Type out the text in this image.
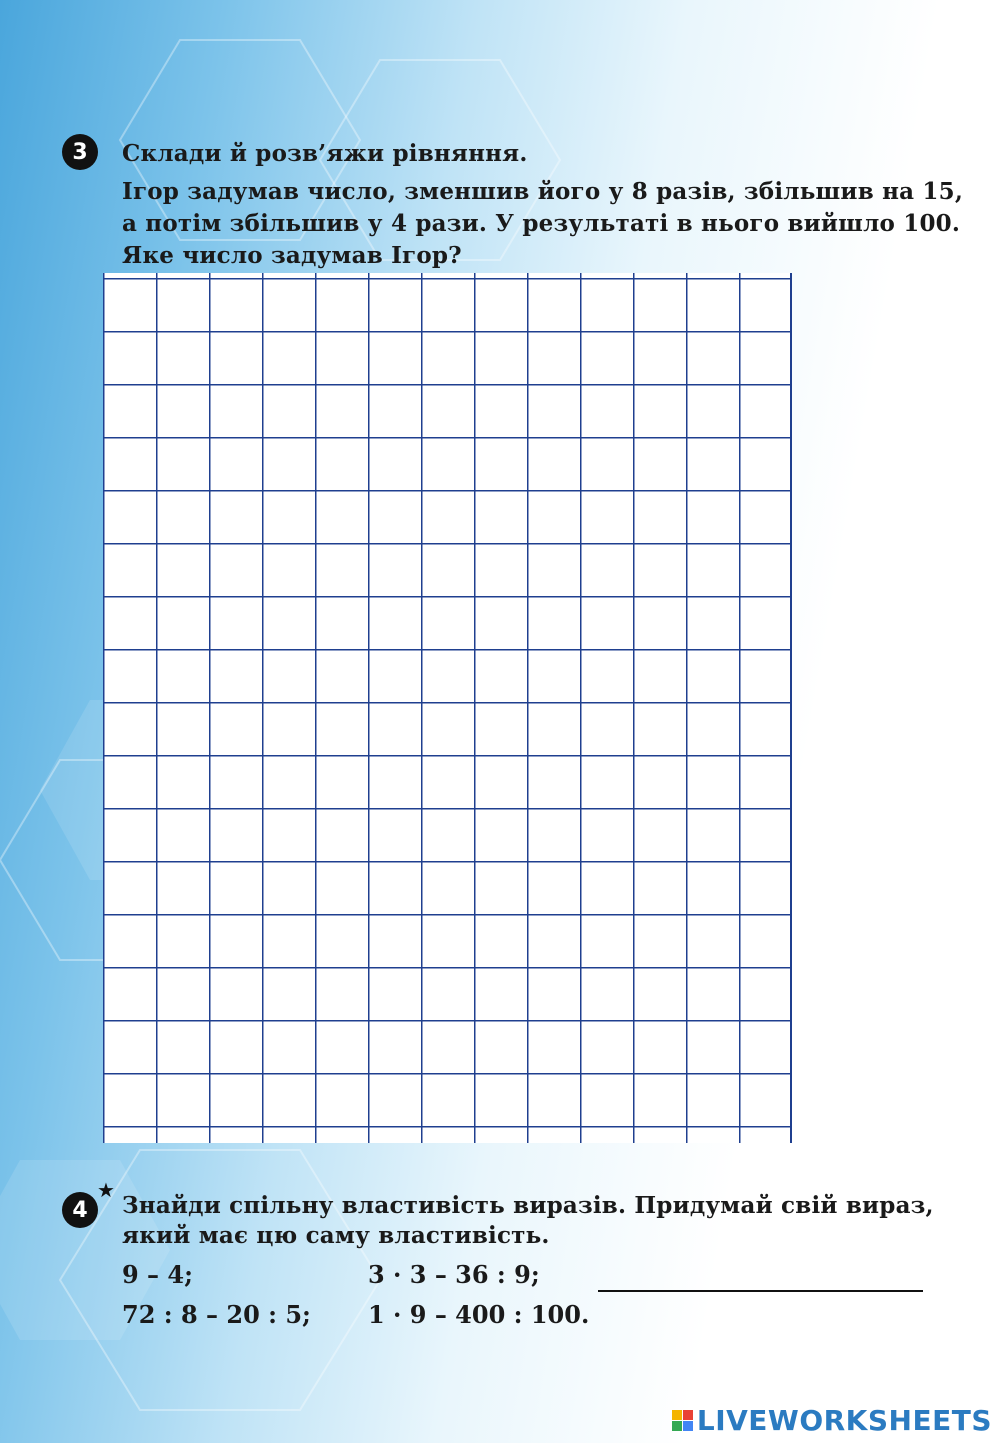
3	Склади й розв’яжи рівняння.
Ігор задумав число, зменшив його у 8 разів, збільшив на 15,
а потім збільшив у 4 рази. У результаті в нього вийшло 100.
Яке число задумав Ігор?
4
★
Знайди спільну властивість виразів. Придумай свій вираз,
який має цю саму властивість.
9 – 4;	3 · 3 – 36 : 9;
72 : 8 – 20 : 5; 1 · 9 – 400 : 100.
LIVEWORKSHEETS
